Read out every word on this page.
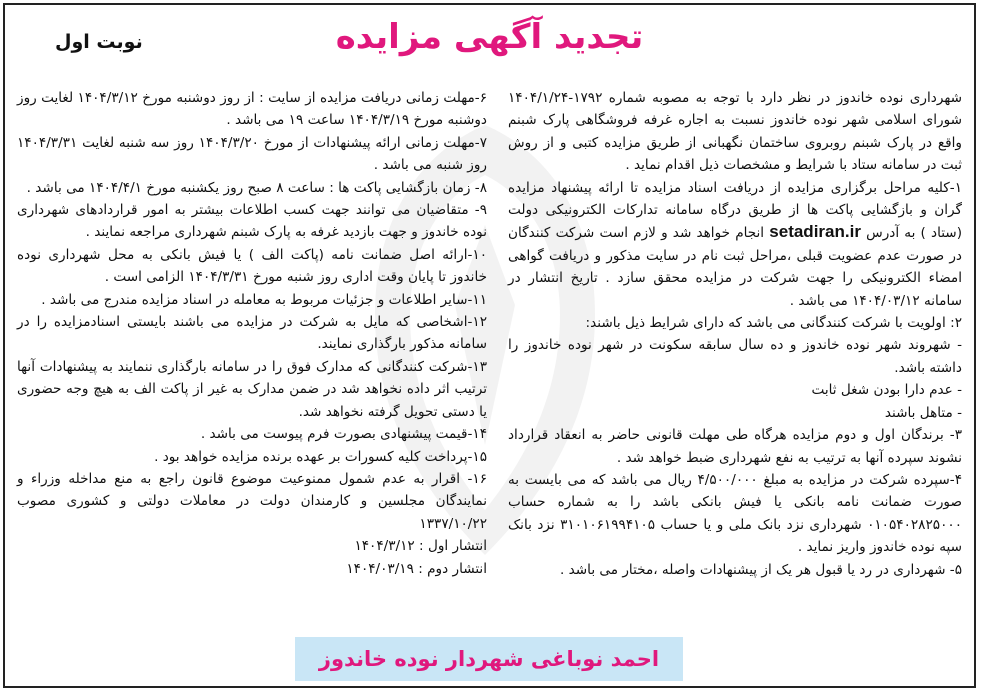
تجدید آگهی مزایده
نوبت اول

شهرداری نوده خاندوز در نظر دارد با توجه به مصوبه شماره ۱۷۹۲-۱۴۰۴/۱/۲۴ شورای اسلامی شهر نوده خاندوز نسبت به اجاره غرفه فروشگاهی پارک شبنم واقع در پارک شبنم روبروی ساختمان نگهبانی از طریق مزایده کتبی و از روش ثبت در سامانه ستاد با شرایط و مشخصات ذیل اقدام نماید .

۱-کلیه مراحل برگزاری مزایده از دریافت اسناد مزایده تا ارائه پیشنهاد مزایده گران و بازگشایی پاکت ها از طریق درگاه سامانه تدارکات الکترونیکی دولت (ستاد ) به آدرس setadiran.ir انجام خواهد شد و لازم است شرکت کنندگان در صورت عدم عضویت قبلی ،مراحل ثبت نام در سایت مذکور و دریافت گواهی امضاء الکترونیکی را جهت شرکت در مزایده محقق سازد . تاریخ انتشار در سامانه ۱۴۰۴/۰۳/۱۲ می باشد .

۲: اولویت با شرکت کنندگانی می باشد که دارای شرایط ذیل باشند:

- شهروند شهر نوده خاندوز و ده سال سابقه سکونت در شهر نوده خاندوز را داشته باشد.

- عدم دارا بودن شغل ثابت

- متاهل باشند

۳- برندگان اول و دوم مزایده هرگاه طی مهلت قانونی حاضر به انعقاد قرارداد نشوند سپرده آنها به ترتیب به نفع شهرداری ضبط خواهد شد .

۴-سپرده شرکت در مزایده به مبلغ ۴/۵۰۰/۰۰۰ ریال می باشد که می بایست به صورت ضمانت نامه بانکی یا فیش بانکی باشد را به شماره حساب ۰۱۰۵۴۰۲۸۲۵۰۰۰ شهرداری نزد بانک ملی و یا حساب ۳۱۰۱۰۶۱۹۹۴۱۰۵ نزد بانک سپه نوده خاندوز واریز نماید .

۵- شهرداری در رد یا قبول هر یک از پیشنهادات واصله ،مختار می باشد .

۶-مهلت زمانی دریافت مزایده از سایت : از روز دوشنبه مورخ ۱۴۰۴/۳/۱۲ لغایت روز دوشنبه مورخ ۱۴۰۴/۳/۱۹ ساعت ۱۹ می باشد .

۷-مهلت زمانی ارائه پیشنهادات از مورخ ۱۴۰۴/۳/۲۰ روز سه شنبه لغایت ۱۴۰۴/۳/۳۱ روز شنبه می باشد .

۸- زمان بازگشایی پاکت ها : ساعت ۸ صبح روز یکشنبه مورخ ۱۴۰۴/۴/۱ می باشد .

۹- متقاضیان می توانند جهت کسب اطلاعات بیشتر به امور قراردادهای شهرداری نوده خاندوز و جهت بازدید غرفه به پارک شبنم شهرداری مراجعه نمایند .

۱۰-ارائه اصل ضمانت نامه (پاکت الف ) یا فیش بانکی به محل شهرداری نوده خاندوز تا پایان وقت اداری روز شنبه مورخ ۱۴۰۴/۳/۳۱ الزامی است .

۱۱-سایر اطلاعات و جزئیات مربوط به معامله در اسناد مزایده مندرج می باشد .

۱۲-اشخاصی که مایل به شرکت در مزایده می باشند بایستی اسنادمزایده را در سامانه مذکور بارگذاری نمایند.

۱۳-شرکت کنندگانی که مدارک فوق را در سامانه بارگذاری ننمایند به پیشنهادات آنها ترتیب اثر داده نخواهد شد در ضمن مدارک به غیر از پاکت الف به هیچ وجه حضوری یا دستی تحویل گرفته نخواهد شد.

۱۴-قیمت پیشنهادی بصورت فرم پیوست می باشد .

۱۵-پرداخت کلیه کسورات بر عهده برنده مزایده خواهد بود .

۱۶- اقرار به عدم شمول ممنوعیت موضوع قانون راجع به منع مداخله وزراء و نمایندگان مجلسین و کارمندان دولت در معاملات دولتی و کشوری مصوب ۱۳۳۷/۱۰/۲۲

انتشار اول : ۱۴۰۴/۳/۱۲

انتشار دوم : ۱۴۰۴/۰۳/۱۹

احمد نوباغی شهردار نوده خاندوز
